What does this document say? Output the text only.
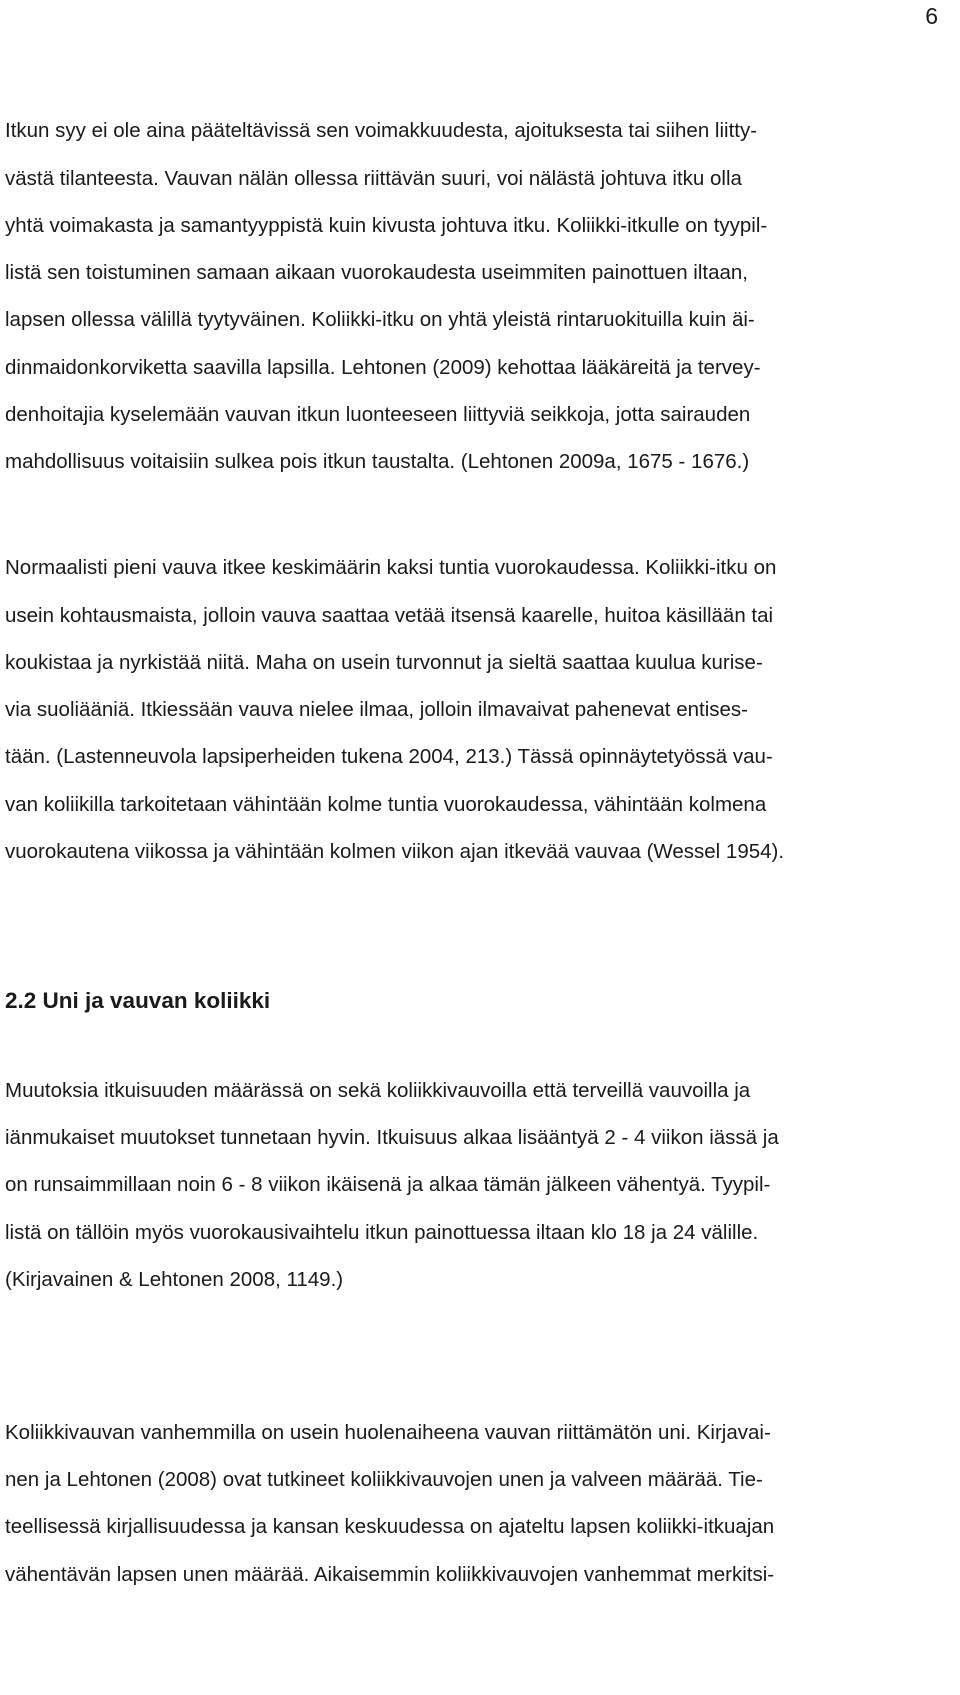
6
Itkun syy ei ole aina pääteltävissä sen voimakkuudesta, ajoituksesta tai siihen liitty-
västä tilanteesta. Vauvan nälän ollessa riittävän suuri, voi nälästä johtuva itku olla
yhtä voimakasta ja samantyyppistä kuin kivusta johtuva itku. Koliikki-itkulle on tyypil-
listä sen toistuminen samaan aikaan vuorokaudesta useimmiten painottuen iltaan,
lapsen ollessa välillä tyytyväinen. Koliikki-itku on yhtä yleistä rintaruokituilla kuin äi-
dinmaidonkorviketta saavilla lapsilla. Lehtonen (2009) kehottaa lääkäreitä ja tervey-
denhoitajia kyselemään vauvan itkun luonteeseen liittyviä seikkoja, jotta sairauden
mahdollisuus voitaisiin sulkea pois itkun taustalta. (Lehtonen 2009a, 1675 - 1676.)
Normaalisti pieni vauva itkee keskimäärin kaksi tuntia vuorokaudessa. Koliikki-itku on
usein kohtausmaista, jolloin vauva saattaa vetää itsensä kaarelle, huitoa käsillään tai
koukistaa ja nyrkistää niitä. Maha on usein turvonnut ja sieltä saattaa kuulua kurise-
via suoliääniä. Itkiessään vauva nielee ilmaa, jolloin ilmavaivat pahenevat entises-
tään. (Lastenneuvola lapsiperheiden tukena 2004, 213.) Tässä opinnäytetyössä vau-
van koliikilla tarkoitetaan vähintään kolme tuntia vuorokaudessa, vähintään kolmena
vuorokautena viikossa ja vähintään kolmen viikon ajan itkevää vauvaa (Wessel 1954).
2.2 Uni ja vauvan koliikki
Muutoksia itkuisuuden määrässä on sekä koliikkivauvoilla että terveillä vauvoilla ja
iänmukaiset muutokset tunnetaan hyvin. Itkuisuus alkaa lisääntyä 2 - 4 viikon iässä ja
on runsaimmillaan noin 6 - 8 viikon ikäisenä ja alkaa tämän jälkeen vähentyä. Tyypil-
listä on tällöin myös vuorokausivaihtelu itkun painottuessa iltaan klo 18 ja 24 välille.
(Kirjavainen & Lehtonen 2008, 1149.)
Koliikkivauvan vanhemmilla on usein huolenaiheena vauvan riittämätön uni. Kirjavai-
nen ja Lehtonen (2008) ovat tutkineet koliikkivauvojen unen ja valveen määrää. Tie-
teellisessä kirjallisuudessa ja kansan keskuudessa on ajateltu lapsen koliikki-itkuajan
vähentävän lapsen unen määrää. Aikaisemmin koliikkivauvojen vanhemmat merkitsi-
